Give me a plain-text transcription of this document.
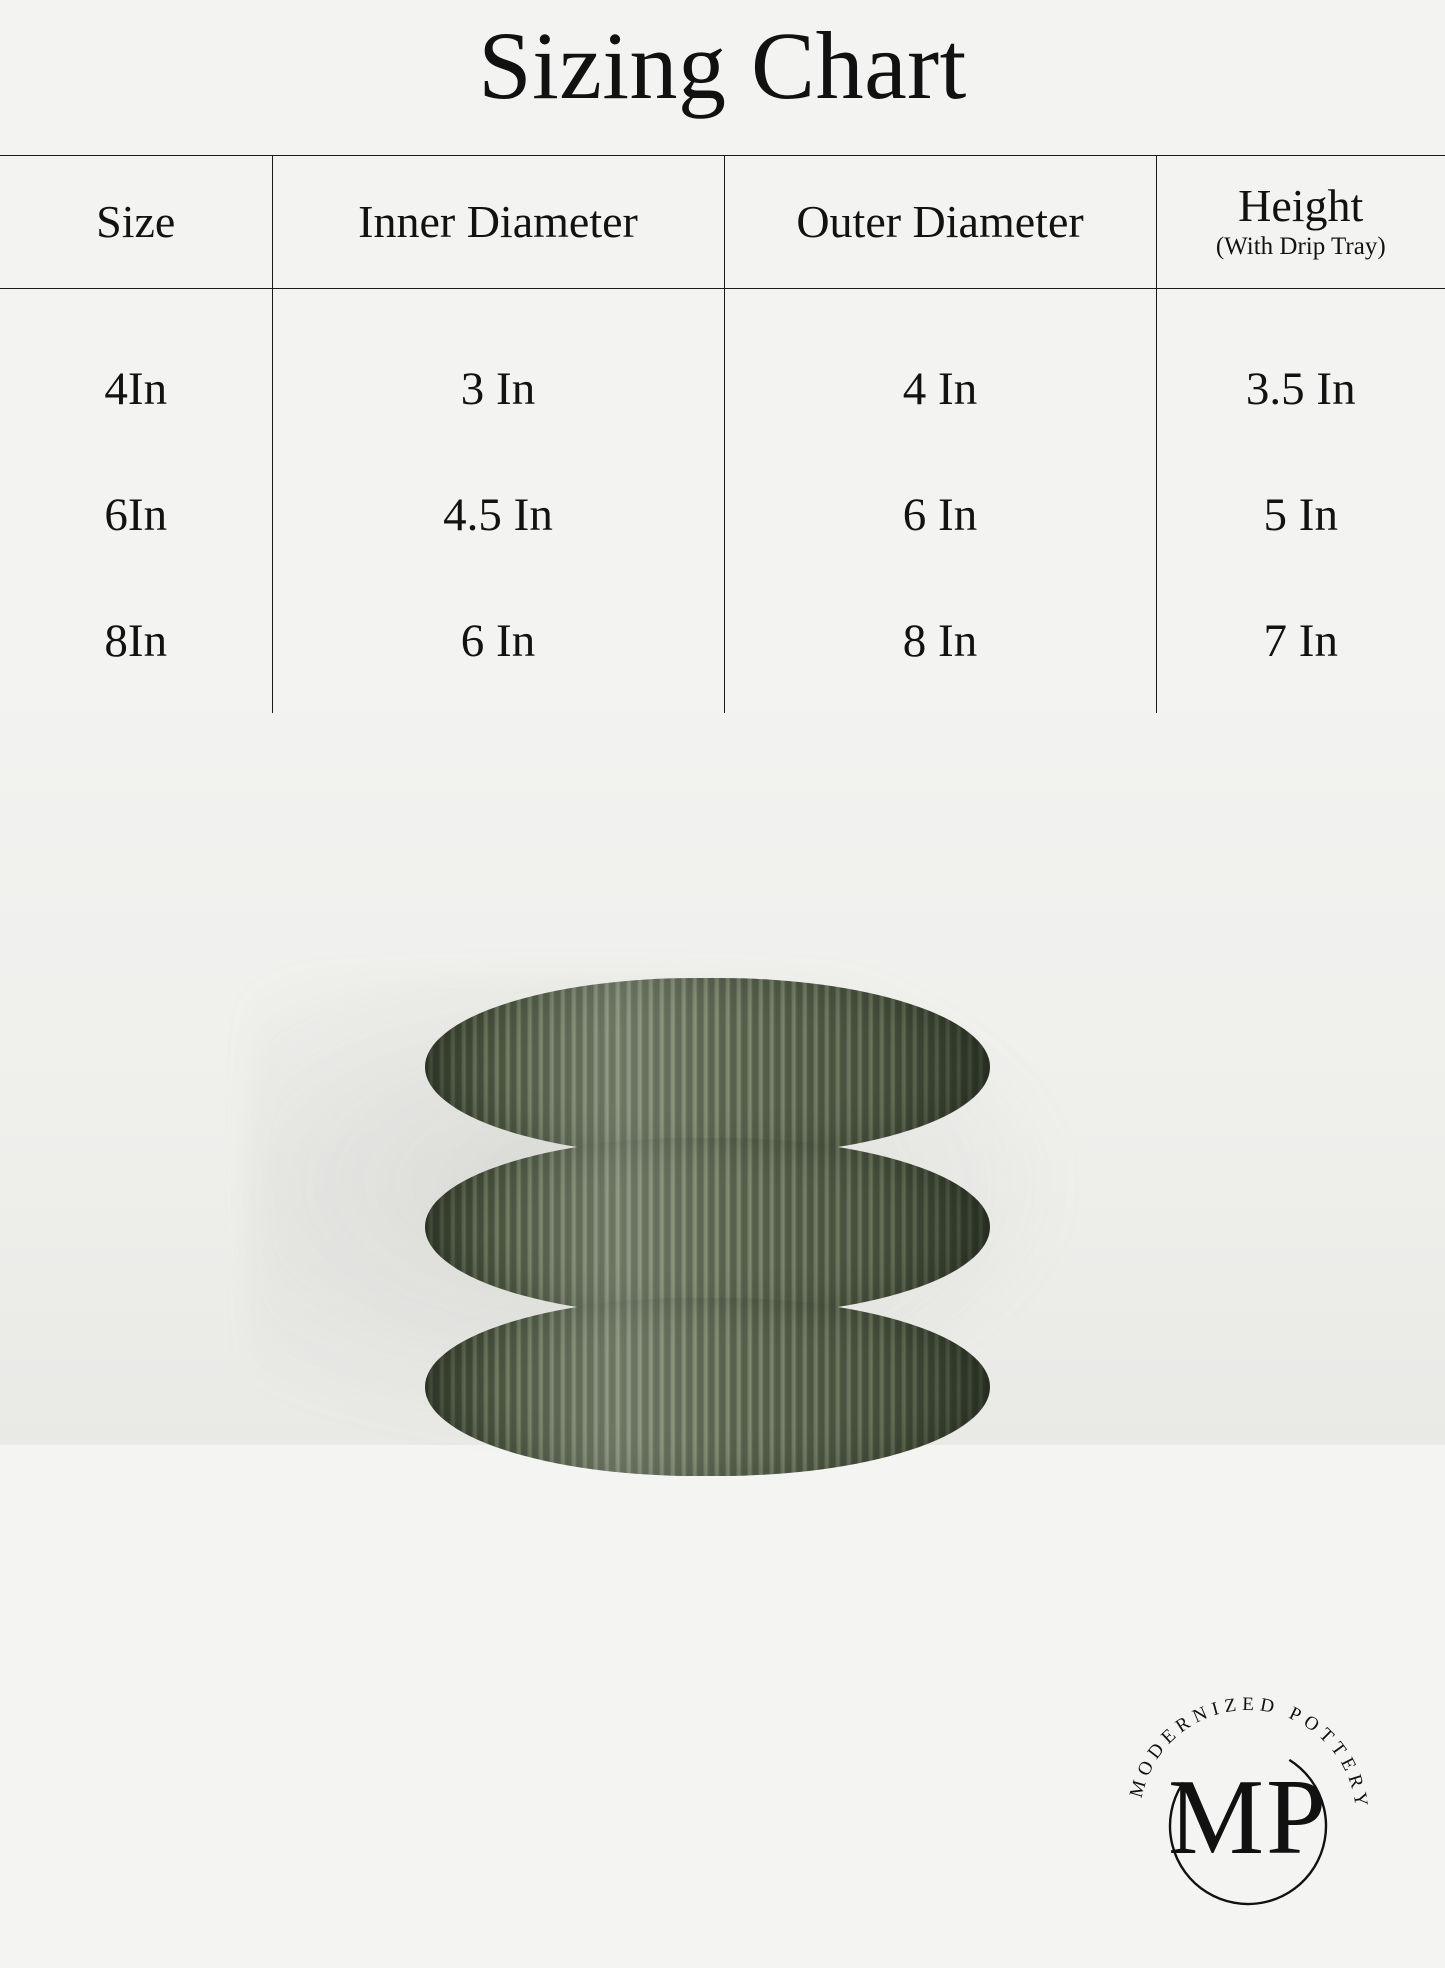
Sizing Chart
Size	Inner Diameter	Outer Diameter	Height
(With Drip Tray)

4In	3 In	4 In	3.5 In
6In	4.5 In	6 In	5 In
8In	6 In	8 In	7 In
MODERNIZED POTTERY
MP
